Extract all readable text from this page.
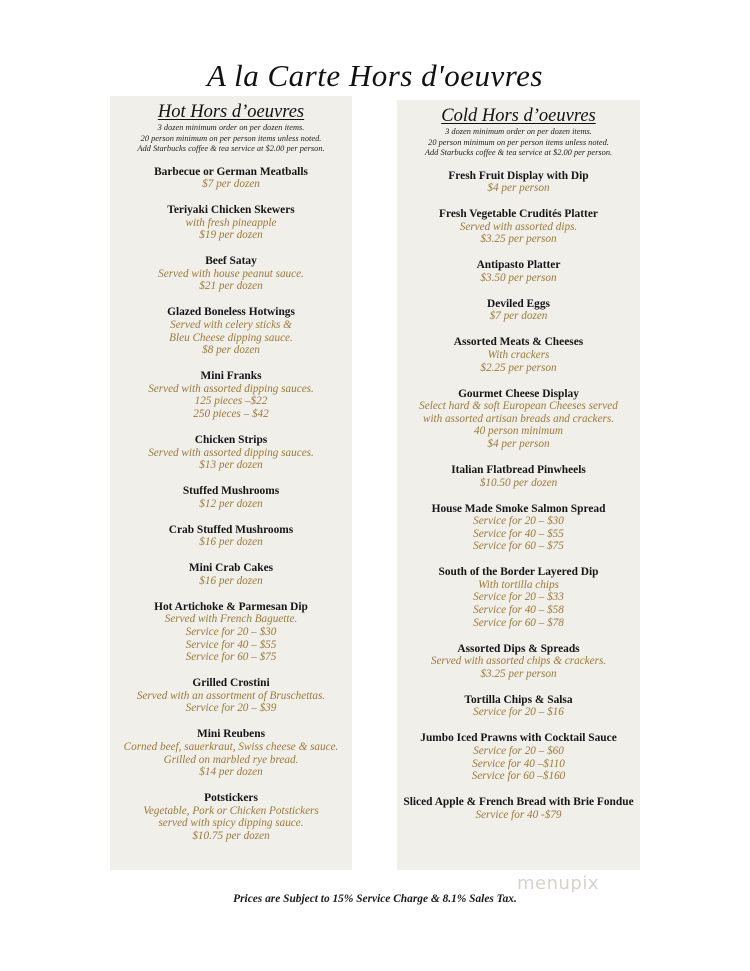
A la Carte Hors d'oeuvres
Hot Hors d’oeuvres
3 dozen minimum order on per dozen items.
20 person minimum on per person items unless noted.
Add Starbucks coffee & tea service at $2.00 per person.
Barbecue or German Meatballs
$7 per dozen
Teriyaki Chicken Skewers
with fresh pineapple
$19 per dozen
Beef Satay
Served with house peanut sauce.
$21 per dozen
Glazed Boneless Hotwings
Served with celery sticks &
Bleu Cheese dipping sauce.
$8 per dozen
Mini Franks
Served with assorted dipping sauces.
125 pieces –$22
250 pieces – $42
Chicken Strips
Served with assorted dipping sauces.
$13 per dozen
Stuffed Mushrooms
$12 per dozen
Crab Stuffed Mushrooms
$16 per dozen
Mini Crab Cakes
$16 per dozen
Hot Artichoke & Parmesan Dip
Served with French Baguette.
Service for 20 – $30
Service for 40 – $55
Service for 60 – $75
Grilled Crostini
Served with an assortment of Bruschettas.
Service for 20 – $39
Mini Reubens
Corned beef, sauerkraut, Swiss cheese & sauce.
Grilled on marbled rye bread.
$14 per dozen
Potstickers
Vegetable, Pork or Chicken Potstickers
served with spicy dipping sauce.
$10.75 per dozen
Cold Hors d’oeuvres
3 dozen minimum order on per dozen items.
20 person minimum on per person items unless noted.
Add Starbucks coffee & tea service at $2.00 per person.
Fresh Fruit Display with Dip
$4 per person
Fresh Vegetable Crudités Platter
Served with assorted dips.
$3.25 per person
Antipasto Platter
$3.50 per person
Deviled Eggs
$7 per dozen
Assorted Meats & Cheeses
With crackers
$2.25 per person
Gourmet Cheese Display
Select hard & soft European Cheeses served
with assorted artisan breads and crackers.
40 person minimum
$4 per person
Italian Flatbread Pinwheels
$10.50 per dozen
House Made Smoke Salmon Spread
Service for 20 – $30
Service for 40 – $55
Service for 60 – $75
South of the Border Layered Dip
With tortilla chips
Service for 20 – $33
Service for 40 – $58
Service for 60 – $78
Assorted Dips & Spreads
Served with assorted chips & crackers.
$3.25 per person
Tortilla Chips & Salsa
Service for 20 – $16
Jumbo Iced Prawns with Cocktail Sauce
Service for 20 – $60
Service for 40 –$110
Service for 60 –$160
Sliced Apple & French Bread with Brie Fondue
Service for 40 -$79
Prices are Subject to 15% Service Charge & 8.1% Sales Tax.
menupix
